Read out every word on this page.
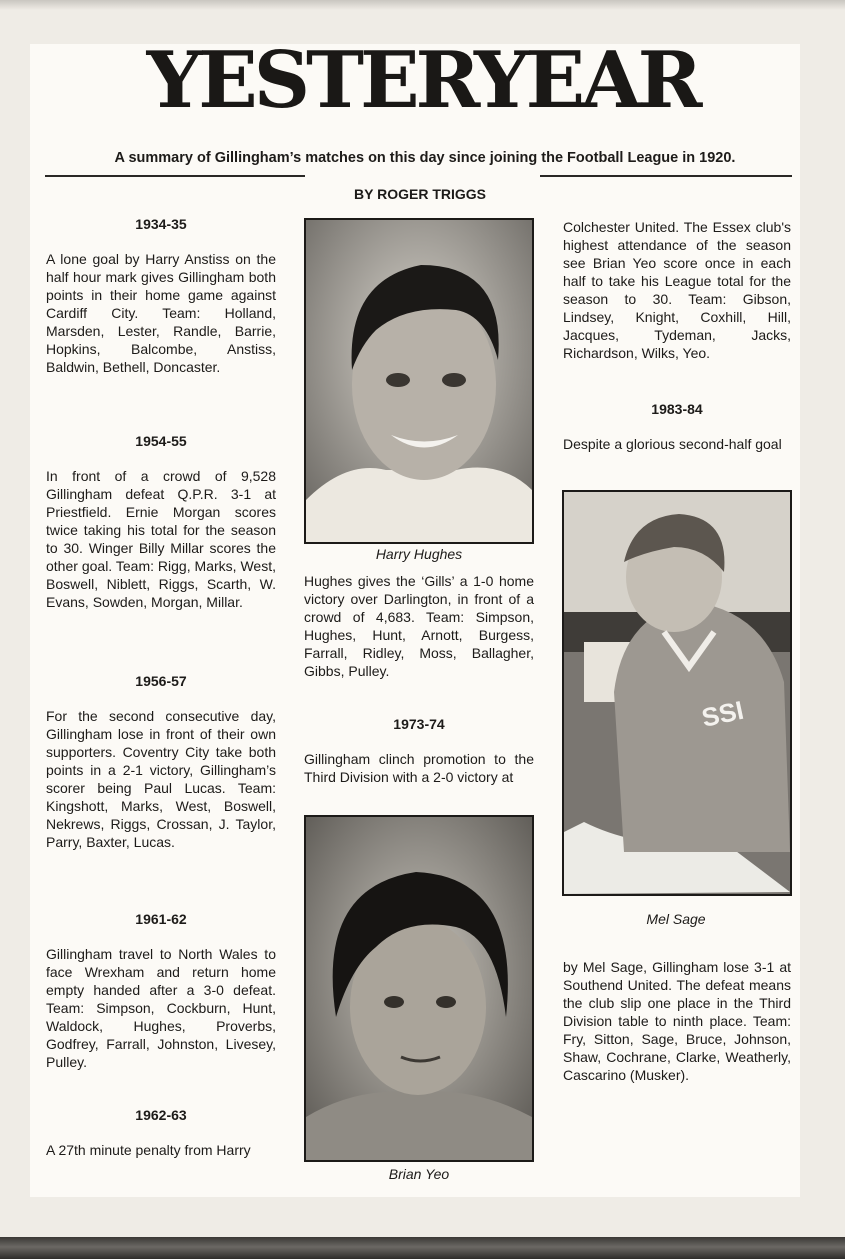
YESTERYEAR
A summary of Gillingham’s matches on this day since joining the Football League in 1920.
BY ROGER TRIGGS
1934-35
A lone goal by Harry Anstiss on the half hour mark gives Gillingham both points in their home game against Cardiff City. Team: Holland, Marsden, Lester, Randle, Barrie, Hopkins, Balcombe, Anstiss, Baldwin, Bethell, Doncaster.
1954-55
In front of a crowd of 9,528 Gillingham defeat Q.P.R. 3-1 at Priestfield. Ernie Morgan scores twice taking his total for the season to 30. Winger Billy Millar scores the other goal. Team: Rigg, Marks, West, Boswell, Niblett, Riggs, Scarth, W. Evans, Sowden, Morgan, Millar.
1956-57
For the second consecutive day, Gillingham lose in front of their own supporters. Coventry City take both points in a 2-1 victory, Gillingham’s scorer being Paul Lucas. Team: Kingshott, Marks, West, Boswell, Nekrews, Riggs, Crossan, J. Taylor, Parry, Baxter, Lucas.
1961-62
Gillingham travel to North Wales to face Wrexham and return home empty handed after a 3-0 defeat. Team: Simpson, Cockburn, Hunt, Waldock, Hughes, Proverbs, Godfrey, Farrall, Johnston, Livesey, Pulley.
1962-63
A 27th minute penalty from Harry
Harry Hughes
Hughes gives the ‘Gills’ a 1-0 home victory over Darlington, in front of a crowd of 4,683. Team: Simpson, Hughes, Hunt, Arnott, Burgess, Farrall, Ridley, Moss, Ballagher, Gibbs, Pulley.
1973-74
Gillingham clinch promotion to the Third Division with a 2-0 victory at
Brian Yeo
Colchester United. The Essex club's highest attendance of the season see Brian Yeo score once in each half to take his League total for the season to 30. Team: Gibson, Lindsey, Knight, Coxhill, Hill, Jacques, Tydeman, Jacks, Richardson, Wilks, Yeo.
1983-84
Despite a glorious second-half goal
SSI
Mel Sage
by Mel Sage, Gillingham lose 3-1 at Southend United. The defeat means the club slip one place in the Third Division table to ninth place. Team: Fry, Sitton, Sage, Bruce, Johnson, Shaw, Cochrane, Clarke, Weatherly, Cascarino (Musker).
